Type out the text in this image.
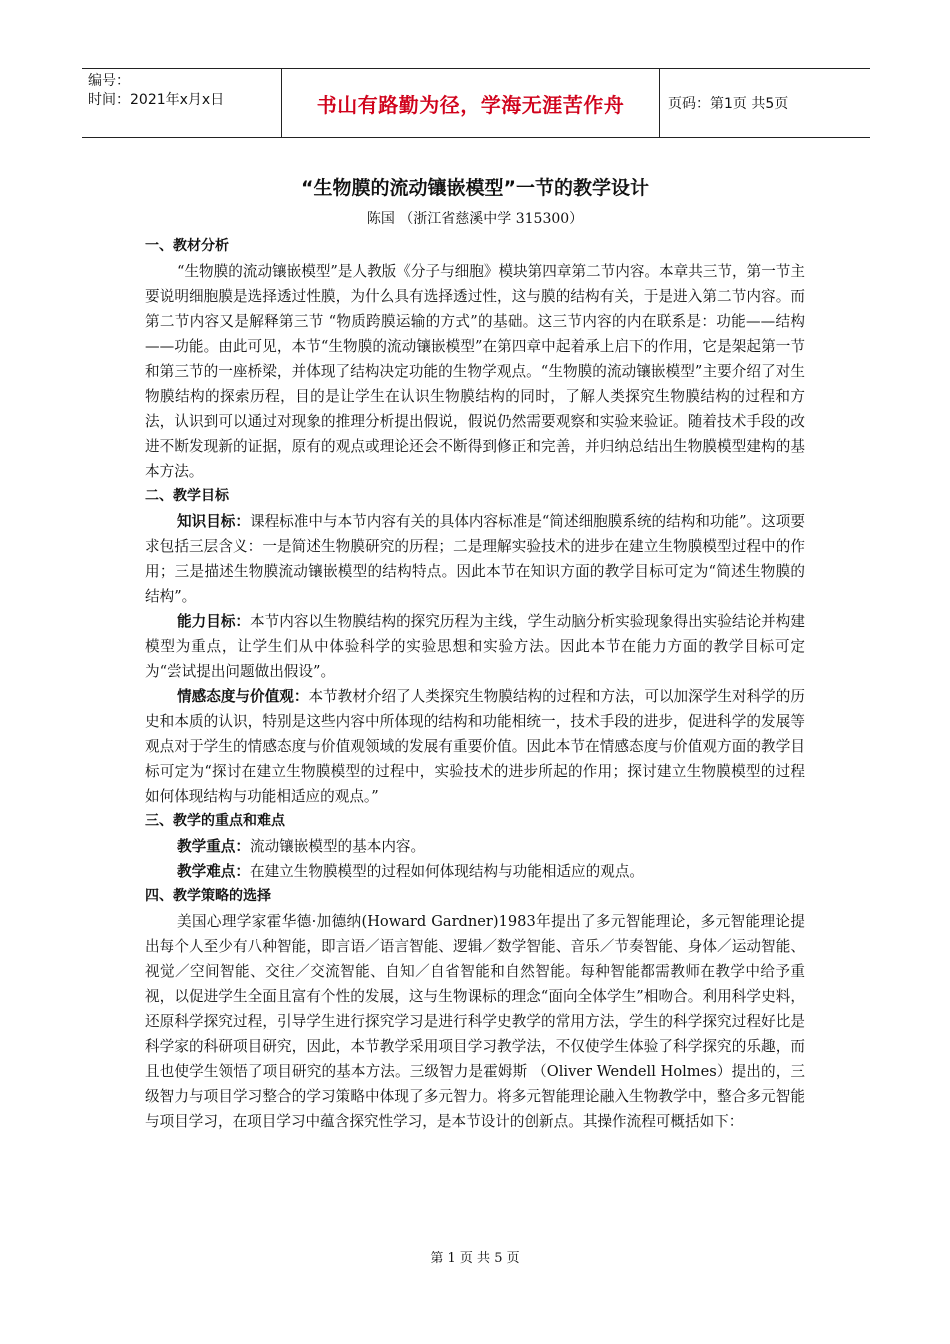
编号：
时间：2021年x月x日	书山有路勤为径，学海无涯苦作舟	页码：第1页 共5页
“生物膜的流动镶嵌模型”一节的教学设计
陈国 （浙江省慈溪中学 315300）

一、教材分析

“生物膜的流动镶嵌模型”是人教版《分子与细胞》模块第四章第二节内容。本章共三节，第一节主要说明细胞膜是选择透过性膜，为什么具有选择透过性，这与膜的结构有关，于是进入第二节内容。而第二节内容又是解释第三节 “物质跨膜运输的方式”的基础。这三节内容的内在联系是：功能——结构——功能。由此可见，本节“生物膜的流动镶嵌模型”在第四章中起着承上启下的作用，它是架起第一节和第三节的一座桥梁，并体现了结构决定功能的生物学观点。“生物膜的流动镶嵌模型”主要介绍了对生物膜结构的探索历程，目的是让学生在认识生物膜结构的同时，了解人类探究生物膜结构的过程和方法，认识到可以通过对现象的推理分析提出假说，假说仍然需要观察和实验来验证。随着技术手段的改进不断发现新的证据，原有的观点或理论还会不断得到修正和完善，并归纳总结出生物膜模型建构的基本方法。

二、教学目标

知识目标：课程标准中与本节内容有关的具体内容标准是“简述细胞膜系统的结构和功能”。这项要求包括三层含义：一是简述生物膜研究的历程；二是理解实验技术的进步在建立生物膜模型过程中的作用；三是描述生物膜流动镶嵌模型的结构特点。因此本节在知识方面的教学目标可定为“简述生物膜的结构”。

能力目标：本节内容以生物膜结构的探究历程为主线，学生动脑分析实验现象得出实验结论并构建模型为重点，让学生们从中体验科学的实验思想和实验方法。因此本节在能力方面的教学目标可定为“尝试提出问题做出假设”。

情感态度与价值观：本节教材介绍了人类探究生物膜结构的过程和方法，可以加深学生对科学的历史和本质的认识，特别是这些内容中所体现的结构和功能相统一，技术手段的进步，促进科学的发展等观点对于学生的情感态度与价值观领域的发展有重要价值。因此本节在情感态度与价值观方面的教学目标可定为“探讨在建立生物膜模型的过程中，实验技术的进步所起的作用；探讨建立生物膜模型的过程如何体现结构与功能相适应的观点。”

三、教学的重点和难点

教学重点：流动镶嵌模型的基本内容。

教学难点：在建立生物膜模型的过程如何体现结构与功能相适应的观点。

四、教学策略的选择

美国心理学家霍华德·加德纳(Howard Gardner)1983年提出了多元智能理论，多元智能理论提出每个人至少有八种智能，即言语／语言智能、逻辑／数学智能、音乐／节奏智能、身体／运动智能、视觉／空间智能、交往／交流智能、自知／自省智能和自然智能。每种智能都需教师在教学中给予重视，以促进学生全面且富有个性的发展，这与生物课标的理念“面向全体学生”相吻合。利用科学史料，还原科学探究过程，引导学生进行探究学习是进行科学史教学的常用方法，学生的科学探究过程好比是科学家的科研项目研究，因此，本节教学采用项目学习教学法，不仅使学生体验了科学探究的乐趣，而且也使学生领悟了项目研究的基本方法。三级智力是霍姆斯 （Oliver Wendell Holmes）提出的，三级智力与项目学习整合的学习策略中体现了多元智力。将多元智能理论融入生物教学中，整合多元智能与项目学习，在项目学习中蕴含探究性学习，是本节设计的创新点。其操作流程可概括如下：

第 1 页 共 5 页
